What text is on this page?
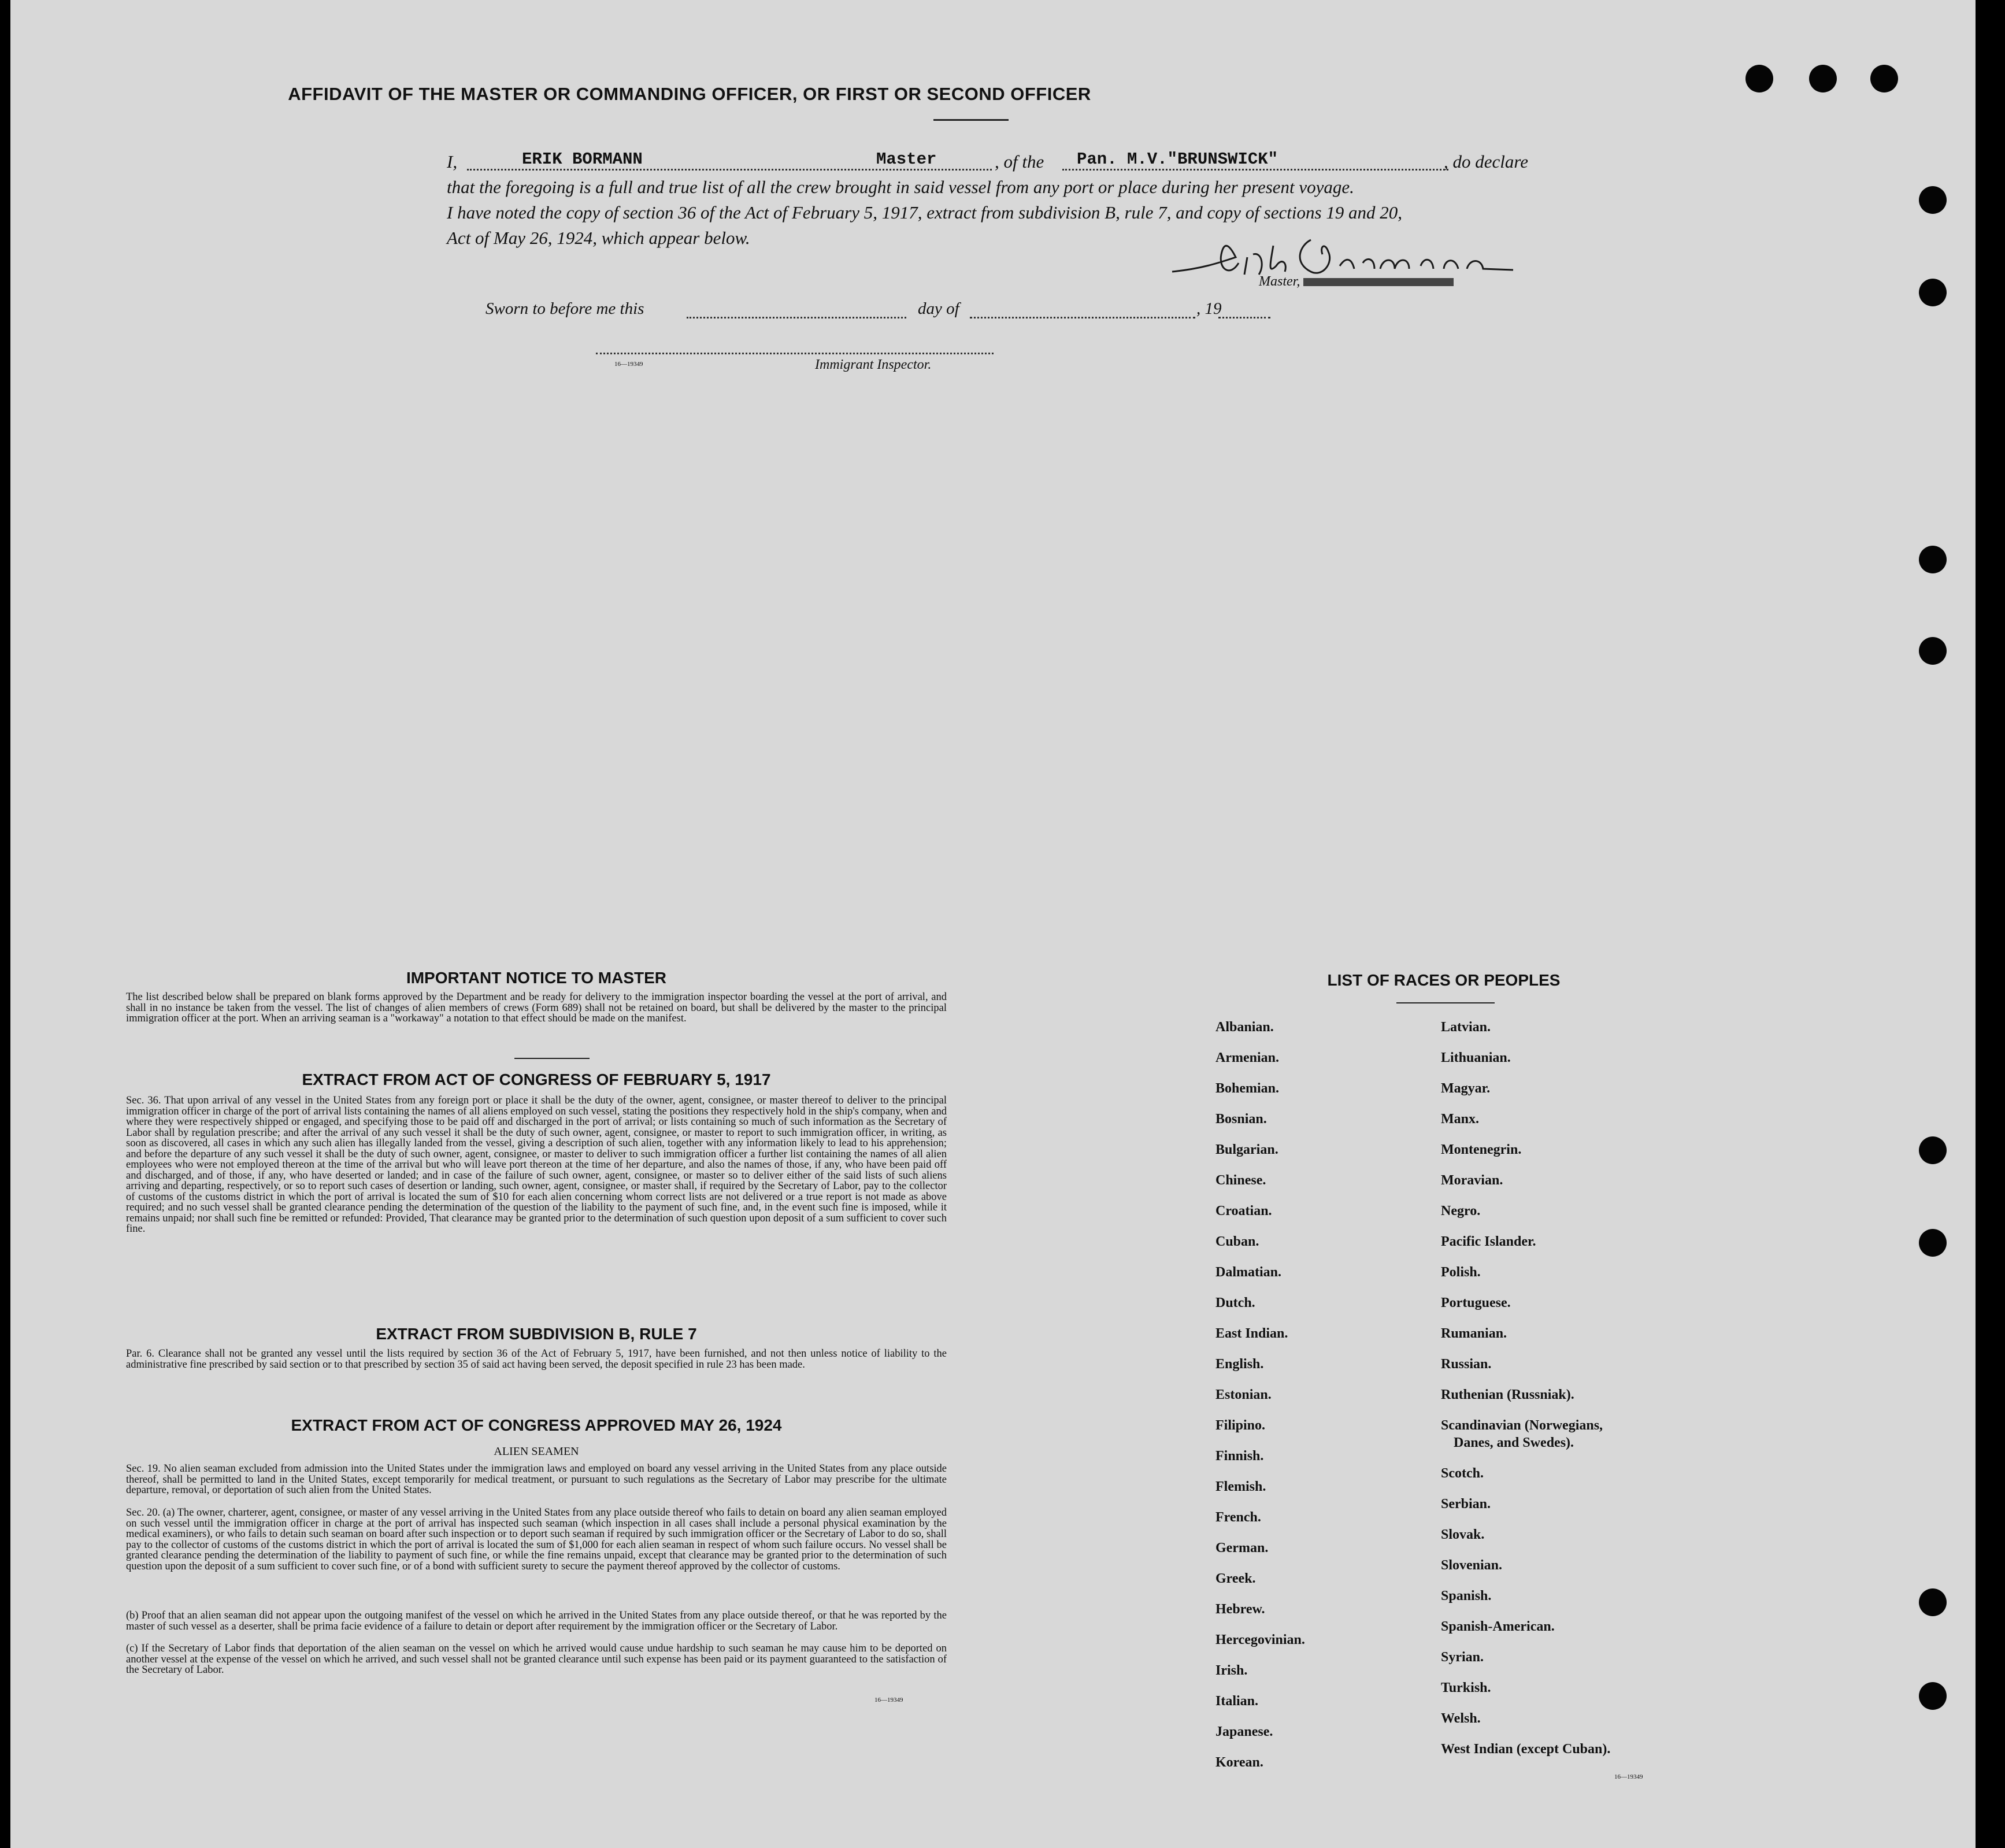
AFFIDAVIT OF THE MASTER OR COMMANDING OFFICER, OR FIRST OR SECOND OFFICER
I,	ERIK BORMANN	Master	, of the Pan. M.V."BRUNSWICK"	, do declare
that the foregoing is a full and true list of all the crew brought in said vessel from any port or place during her present voyage.
I have noted the copy of section 36 of the Act of February 5, 1917, extract from subdivision B, rule 7, and copy of sections 19 and 20,
Act of May 26, 1924, which appear below.
Master,
Sworn to before me this	day of	, 19
16—19349	Immigrant Inspector.
IMPORTANT NOTICE TO MASTER
The list described below shall be prepared on blank forms approved by the Department and be ready for delivery to the immigration inspector boarding the vessel at the port of arrival, and shall in no instance be taken from the vessel. The list of changes of alien members of crews (Form 689) shall not be retained on board, but shall be delivered by the master to the principal immigration officer at the port. When an arriving seaman is a "workaway" a notation to that effect should be made on the manifest.
EXTRACT FROM ACT OF CONGRESS OF FEBRUARY 5, 1917
Sec. 36. That upon arrival of any vessel in the United States from any foreign port or place it shall be the duty of the owner, agent, consignee, or master thereof to deliver to the principal immigration officer in charge of the port of arrival lists containing the names of all aliens employed on such vessel, stating the positions they respectively hold in the ship's company, when and where they were respectively shipped or engaged, and specifying those to be paid off and discharged in the port of arrival; or lists containing so much of such information as the Secretary of Labor shall by regulation prescribe; and after the arrival of any such vessel it shall be the duty of such owner, agent, consignee, or master to report to such immigration officer, in writing, as soon as discovered, all cases in which any such alien has illegally landed from the vessel, giving a description of such alien, together with any information likely to lead to his apprehension; and before the departure of any such vessel it shall be the duty of such owner, agent, consignee, or master to deliver to such immigration officer a further list containing the names of all alien employees who were not employed thereon at the time of the arrival but who will leave port thereon at the time of her departure, and also the names of those, if any, who have been paid off and discharged, and of those, if any, who have deserted or landed; and in case of the failure of such owner, agent, consignee, or master so to deliver either of the said lists of such aliens arriving and departing, respectively, or so to report such cases of desertion or landing, such owner, agent, consignee, or master shall, if required by the Secretary of Labor, pay to the collector of customs of the customs district in which the port of arrival is located the sum of $10 for each alien concerning whom correct lists are not delivered or a true report is not made as above required; and no such vessel shall be granted clearance pending the determination of the question of the liability to the payment of such fine, and, in the event such fine is imposed, while it remains unpaid; nor shall such fine be remitted or refunded: Provided, That clearance may be granted prior to the determination of such question upon deposit of a sum sufficient to cover such fine.
EXTRACT FROM SUBDIVISION B, RULE 7
Par. 6. Clearance shall not be granted any vessel until the lists required by section 36 of the Act of February 5, 1917, have been furnished, and not then unless notice of liability to the administrative fine prescribed by said section or to that prescribed by section 35 of said act having been served, the deposit specified in rule 23 has been made.
EXTRACT FROM ACT OF CONGRESS APPROVED MAY 26, 1924
ALIEN SEAMEN
Sec. 19. No alien seaman excluded from admission into the United States under the immigration laws and employed on board any vessel arriving in the United States from any place outside thereof, shall be permitted to land in the United States, except temporarily for medical treatment, or pursuant to such regulations as the Secretary of Labor may prescribe for the ultimate departure, removal, or deportation of such alien from the United States.
Sec. 20. (a) The owner, charterer, agent, consignee, or master of any vessel arriving in the United States from any place outside thereof who fails to detain on board any alien seaman employed on such vessel until the immigration officer in charge at the port of arrival has inspected such seaman (which inspection in all cases shall include a personal physical examination by the medical examiners), or who fails to detain such seaman on board after such inspection or to deport such seaman if required by such immigration officer or the Secretary of Labor to do so, shall pay to the collector of customs of the customs district in which the port of arrival is located the sum of $1,000 for each alien seaman in respect of whom such failure occurs. No vessel shall be granted clearance pending the determination of the liability to payment of such fine, or while the fine remains unpaid, except that clearance may be granted prior to the determination of such question upon the deposit of a sum sufficient to cover such fine, or of a bond with sufficient surety to secure the payment thereof approved by the collector of customs.
(b) Proof that an alien seaman did not appear upon the outgoing manifest of the vessel on which he arrived in the United States from any place outside thereof, or that he was reported by the master of such vessel as a deserter, shall be prima facie evidence of a failure to detain or deport after requirement by the immigration officer or the Secretary of Labor.
(c) If the Secretary of Labor finds that deportation of the alien seaman on the vessel on which he arrived would cause undue hardship to such seaman he may cause him to be deported on another vessel at the expense of the vessel on which he arrived, and such vessel shall not be granted clearance until such expense has been paid or its payment guaranteed to the satisfaction of the Secretary of Labor.
16—19349
LIST OF RACES OR PEOPLES
Albanian.
Armenian.
Bohemian.
Bosnian.
Bulgarian.
Chinese.
Croatian.
Cuban.
Dalmatian.
Dutch.
East Indian.
English.
Estonian.
Filipino.
Finnish.
Flemish.
French.
German.
Greek.
Hebrew.
Hercegovinian.
Irish.
Italian.
Japanese.
Korean.
Latvian.
Lithuanian.
Magyar.
Manx.
Montenegrin.
Moravian.
Negro.
Pacific Islander.
Polish.
Portuguese.
Rumanian.
Russian.
Ruthenian (Russniak).
Scandinavian (Norwegians,
Danes, and Swedes).
Scotch.
Serbian.
Slovak.
Slovenian.
Spanish.
Spanish-American.
Syrian.
Turkish.
Welsh.
West Indian (except Cuban).
16—19349
